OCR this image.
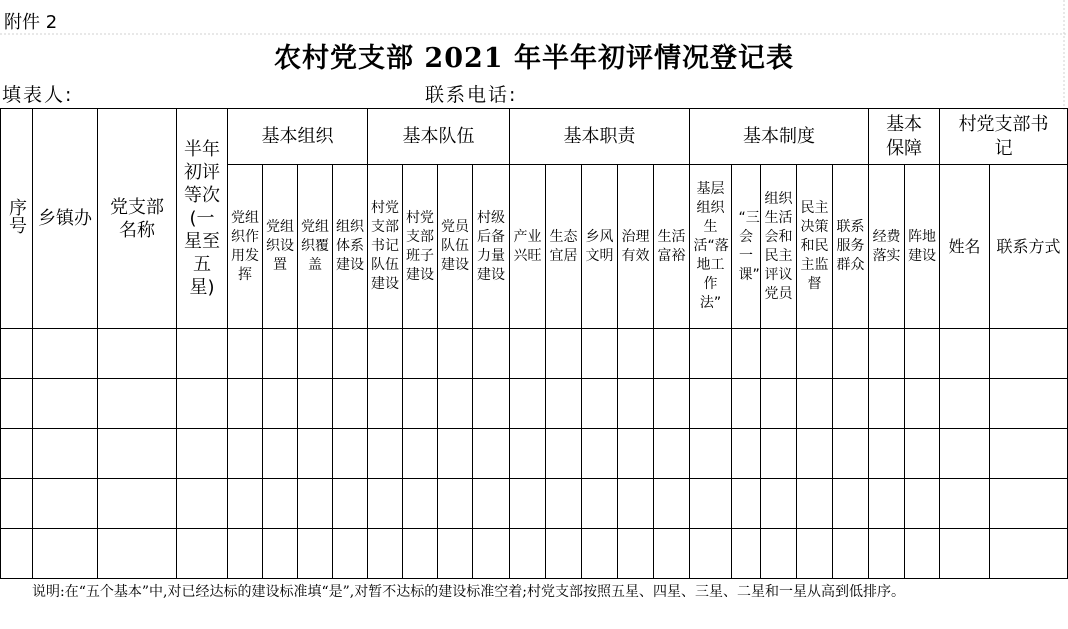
附件 2
农村党支部 2021 年半年初评情况登记表
填表人:	联系电话:
序号	乡镇办	党支部名称	半年初评等次(一星至五星)	基本组织				基本队伍				基本职责					基本制度					基本保障		村党支部书记	
				党组织作用发挥	党组织设置	党组织覆盖	组织体系建设	村党支部书记队伍建设	村党支部班子建设	党员队伍建设	村级后备力量建设	产业兴旺	生态宜居	乡风文明	治理有效	生活富裕	基层组织生活“落地工作法”	“三会一课”	组织生活会和民主评议党员	民主决策和民主监督	联系服务群众	经费落实	阵地建设	姓名	联系方式

说明:在“五个基本”中,对已经达标的建设标准填“是”,对暂不达标的建设标准空着;村党支部按照五星、四星、三星、二星和一星从高到低排序。
